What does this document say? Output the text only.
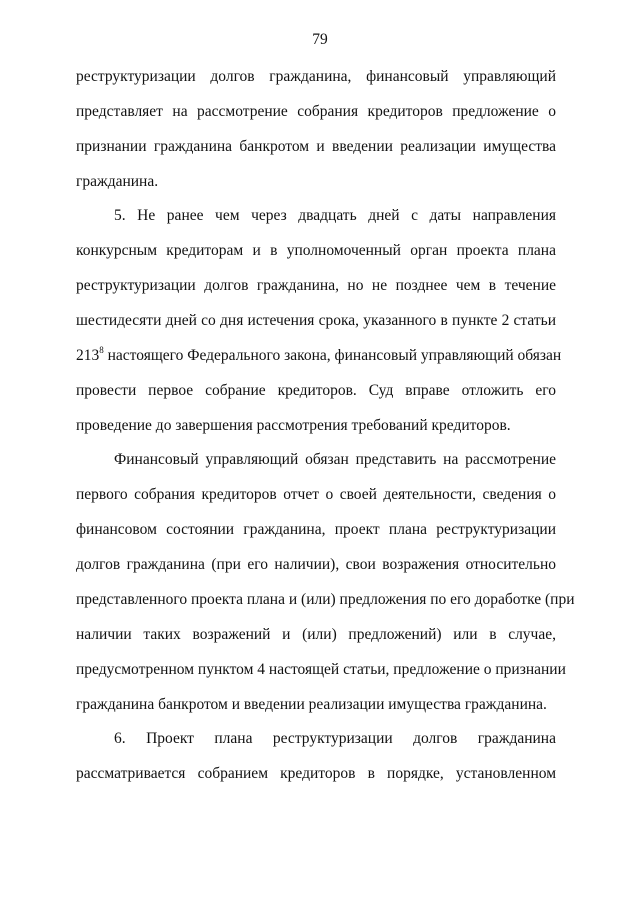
79
реструктуризации долгов гражданина, финансовый управляющий
представляет на рассмотрение собрания кредиторов предложение о
признании гражданина банкротом и введении реализации имущества
гражданина.
5. Не ранее чем через двадцать дней с даты направления
конкурсным кредиторам и в уполномоченный орган проекта плана
реструктуризации долгов гражданина, но не позднее чем в течение
шестидесяти дней со дня истечения срока, указанного в пункте 2 статьи
$213^8$ настоящего Федерального закона, финансовый управляющий обязан
провести первое собрание кредиторов. Суд вправе отложить его
проведение до завершения рассмотрения требований кредиторов.
Финансовый управляющий обязан представить на рассмотрение
первого собрания кредиторов отчет о своей деятельности, сведения о
финансовом состоянии гражданина, проект плана реструктуризации
долгов гражданина (при его наличии), свои возражения относительно
представленного проекта плана и (или) предложения по его доработке (при
наличии таких возражений и (или) предложений) или в случае,
предусмотренном пунктом 4 настоящей статьи, предложение о признании
гражданина банкротом и введении реализации имущества гражданина.
6. Проект плана реструктуризации долгов гражданина
рассматривается собранием кредиторов в порядке, установленном
